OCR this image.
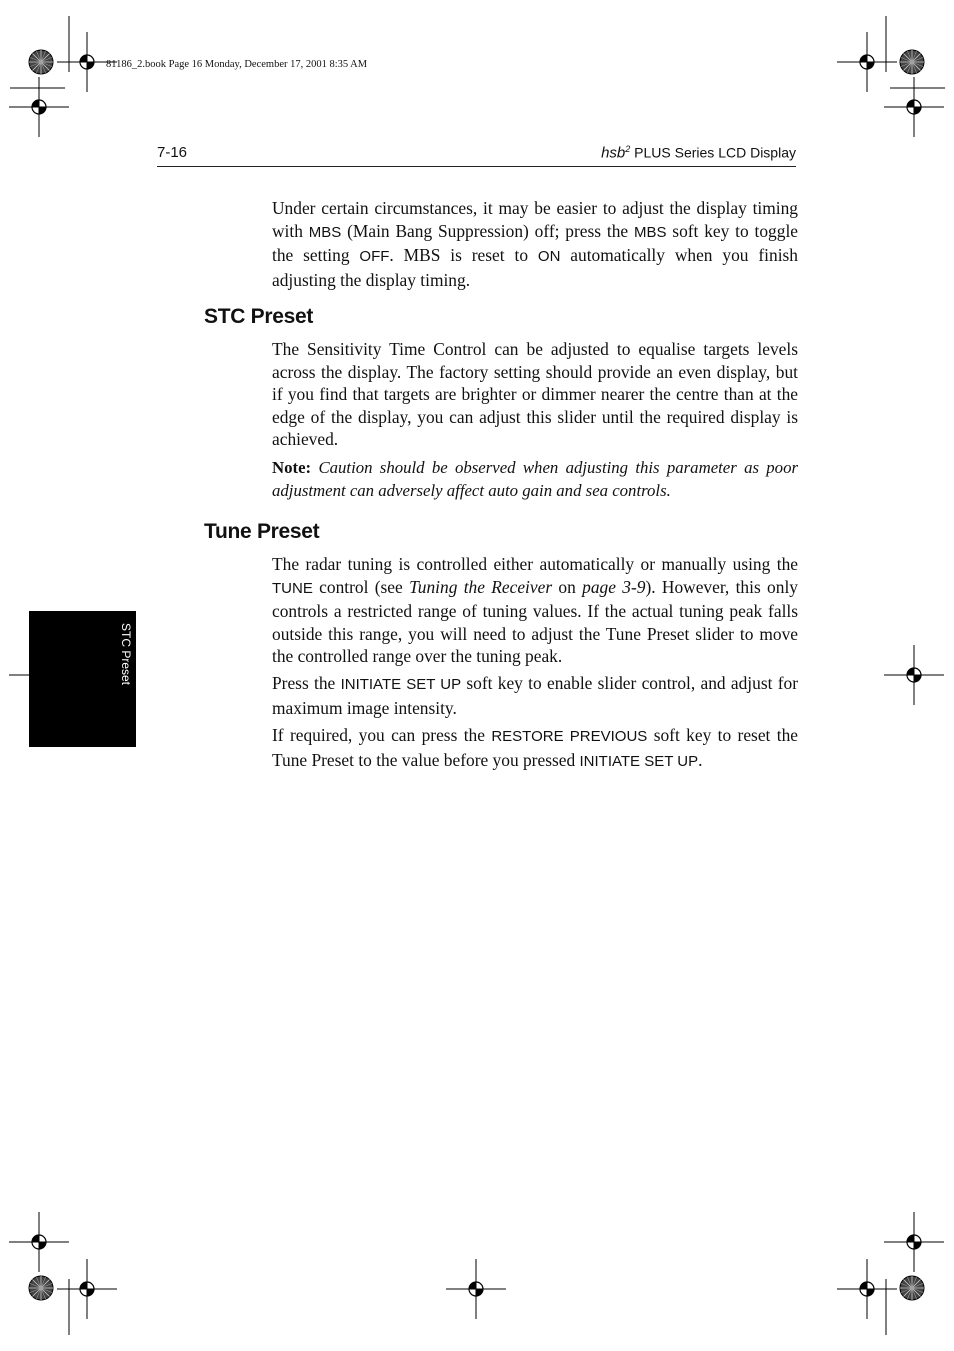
81186_2.book Page 16 Monday, December 17, 2001 8:35 AM
7-16	hsb$^2$ PLUS Series LCD Display
Under certain circumstances, it may be easier to adjust the display timing with MBS (Main Bang Suppression) off; press the MBS soft key to toggle the setting OFF. MBS is reset to ON automatically when you finish adjusting the display timing.
STC Preset
The Sensitivity Time Control can be adjusted to equalise targets levels across the display. The factory setting should provide an even display, but if you find that targets are brighter or dimmer nearer the centre than at the edge of the display, you can adjust this slider until the required display is achieved.
Note: Caution should be observed when adjusting this parameter as poor adjustment can adversely affect auto gain and sea controls.
Tune Preset
The radar tuning is controlled either automatically or manually using the TUNE control (see Tuning the Receiver on page 3-9). However, this only controls a restricted range of tuning values. If the actual tuning peak falls outside this range, you will need to adjust the Tune Preset slider to move the controlled range over the tuning peak.
Press the INITIATE SET UP soft key to enable slider control, and adjust for maximum image intensity.
If required, you can press the RESTORE PREVIOUS soft key to reset the Tune Preset to the value before you pressed INITIATE SET UP.
STC Preset
